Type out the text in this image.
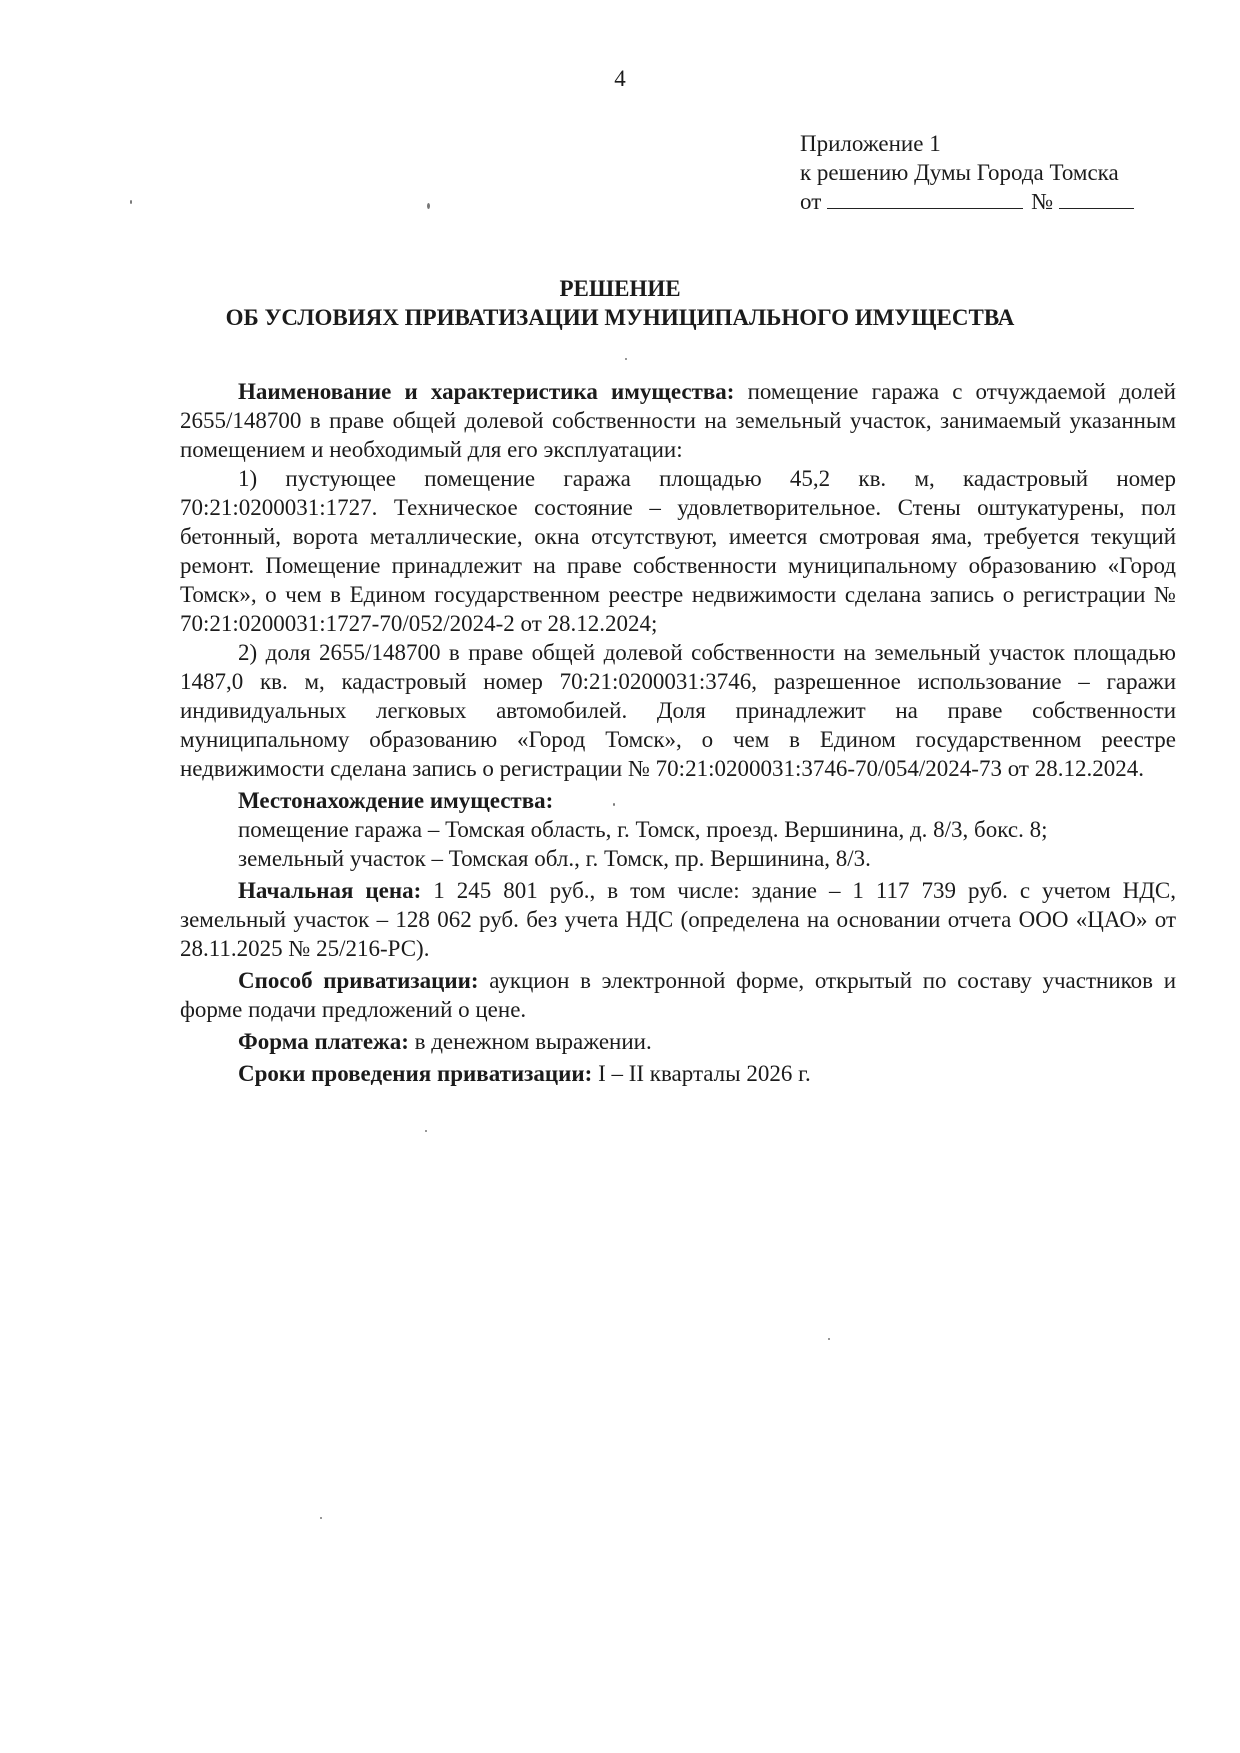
4
Приложение 1
к решению Думы Города Томска
от	№
РЕШЕНИЕ
ОБ УСЛОВИЯХ ПРИВАТИЗАЦИИ МУНИЦИПАЛЬНОГО ИМУЩЕСТВА

Наименование и характеристика имущества: помещение гаража с отчуждаемой долей 2655/148700 в праве общей долевой собственности на земельный участок, занимаемый указанным помещением и необходимый для его эксплуатации:

1) пустующее помещение гаража площадью 45,2 кв. м, кадастровый номер 70:21:0200031:1727. Техническое состояние – удовлетворительное. Стены оштукатурены, пол бетонный, ворота металлические, окна отсутствуют, имеется смотровая яма, требуется текущий ремонт. Помещение принадлежит на праве собственности муниципальному образованию «Город Томск», о чем в Едином государственном реестре недвижимости сделана запись о регистрации № 70:21:0200031:1727-70/052/2024-2 от 28.12.2024;

2) доля 2655/148700 в праве общей долевой собственности на земельный участок площадью 1487,0 кв. м, кадастровый номер 70:21:0200031:3746, разрешенное использование – гаражи индивидуальных легковых автомобилей. Доля принадлежит на праве собственности муниципальному образованию «Город Томск», о чем в Едином государственном реестре недвижимости сделана запись о регистрации № 70:21:0200031:3746-70/054/2024-73 от 28.12.2024.

Местонахождение имущества:

помещение гаража – Томская область, г. Томск, проезд. Вершинина, д. 8/3, бокс. 8;

земельный участок – Томская обл., г. Томск, пр. Вершинина, 8/3.

Начальная цена: 1 245 801 руб., в том числе: здание – 1 117 739 руб. с учетом НДС, земельный участок – 128 062 руб. без учета НДС (определена на основании отчета ООО «ЦАО» от 28.11.2025 № 25/216-РС).

Способ приватизации: аукцион в электронной форме, открытый по составу участников и форме подачи предложений о цене.

Форма платежа: в денежном выражении.

Сроки проведения приватизации: I – II кварталы 2026 г.
